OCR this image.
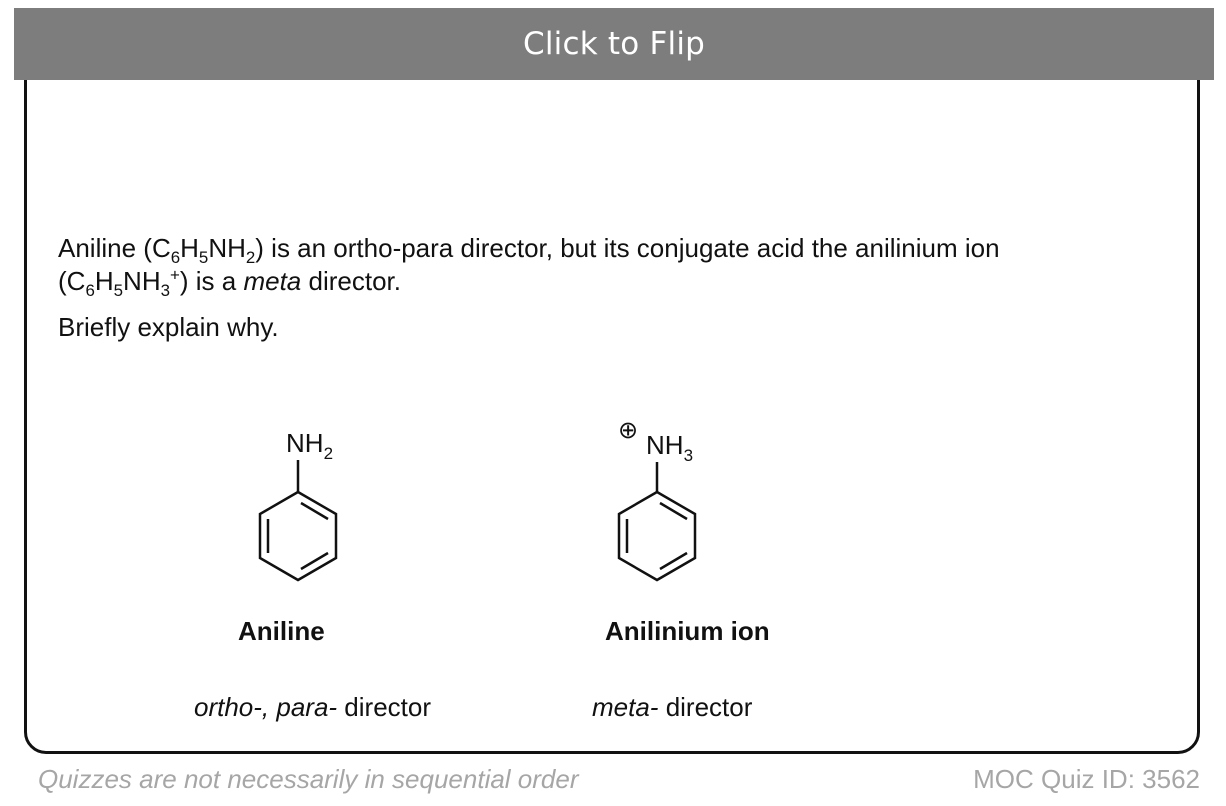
Click to Flip

Aniline $(C_6H_5NH_2)$ is an ortho-para director, but its conjugate acid the anilinium ion
$(C_6H_5NH_3^+)$ is a meta director.

Briefly explain why.

$NH_2$
⊕ $NH_3$
Aniline	Anilinium ion
ortho-, para- director	meta- director
Quizzes are not necessarily in sequential order	MOC Quiz ID: 3562
